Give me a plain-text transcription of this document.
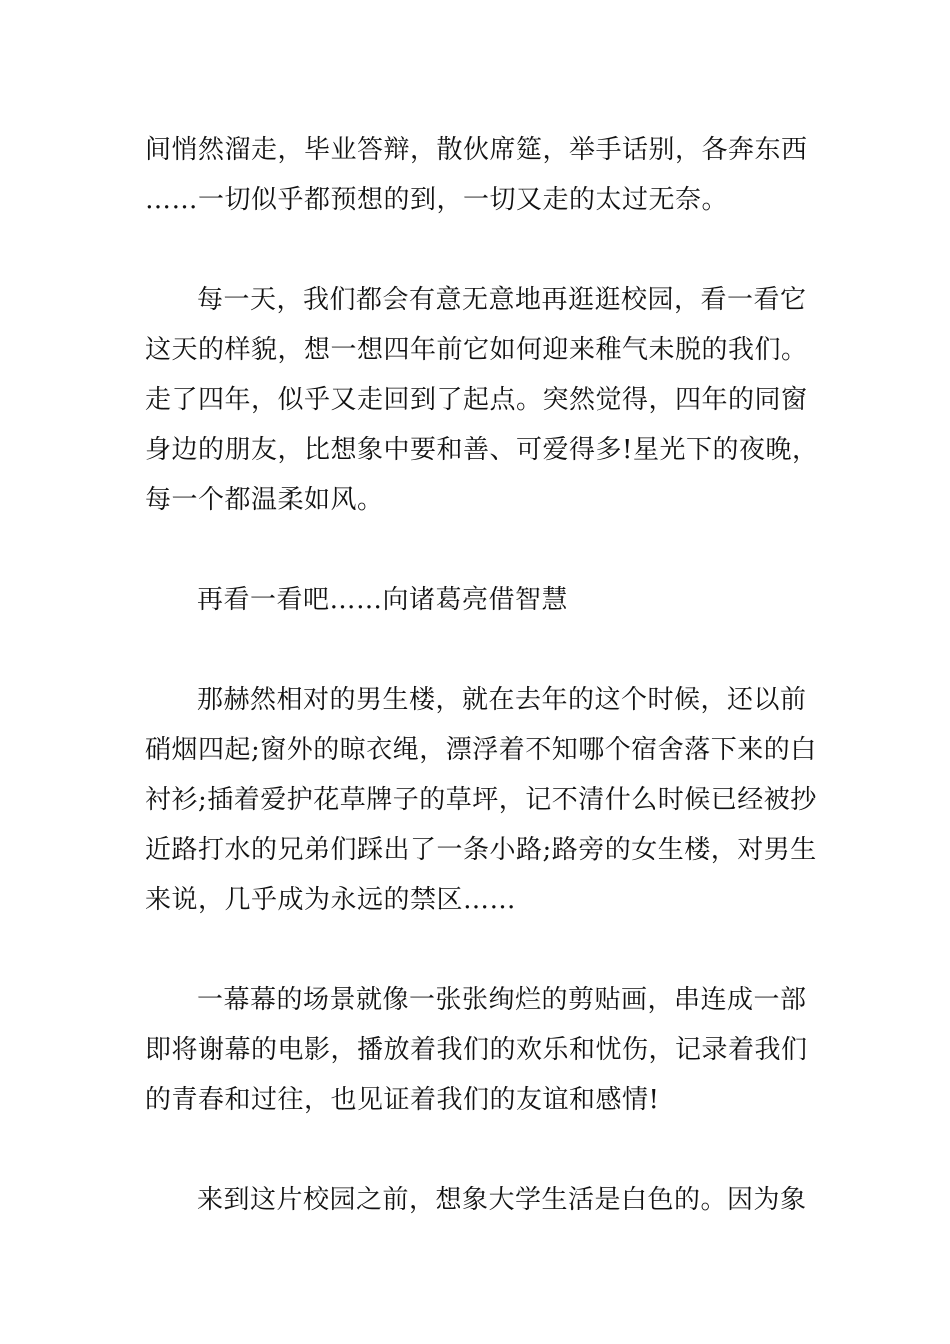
间悄然溜走，毕业答辩，散伙席筵，举手话别，各奔东西
……一切似乎都预想的到，一切又走的太过无奈。
每一天，我们都会有意无意地再逛逛校园，看一看它
这天的样貌，想一想四年前它如何迎来稚气未脱的我们。
走了四年，似乎又走回到了起点。突然觉得，四年的同窗
身边的朋友，比想象中要和善、可爱得多!星光下的夜晚，
每一个都温柔如风。
再看一看吧……向诸葛亮借智慧
那赫然相对的男生楼，就在去年的这个时候，还以前
硝烟四起;窗外的晾衣绳，漂浮着不知哪个宿舍落下来的白
衬衫;插着爱护花草牌子的草坪，记不清什么时候已经被抄
近路打水的兄弟们踩出了一条小路;路旁的女生楼，对男生
来说，几乎成为永远的禁区……
一幕幕的场景就像一张张绚烂的剪贴画，串连成一部
即将谢幕的电影，播放着我们的欢乐和忧伤，记录着我们
的青春和过往，也见证着我们的友谊和感情!
来到这片校园之前，想象大学生活是白色的。因为象
